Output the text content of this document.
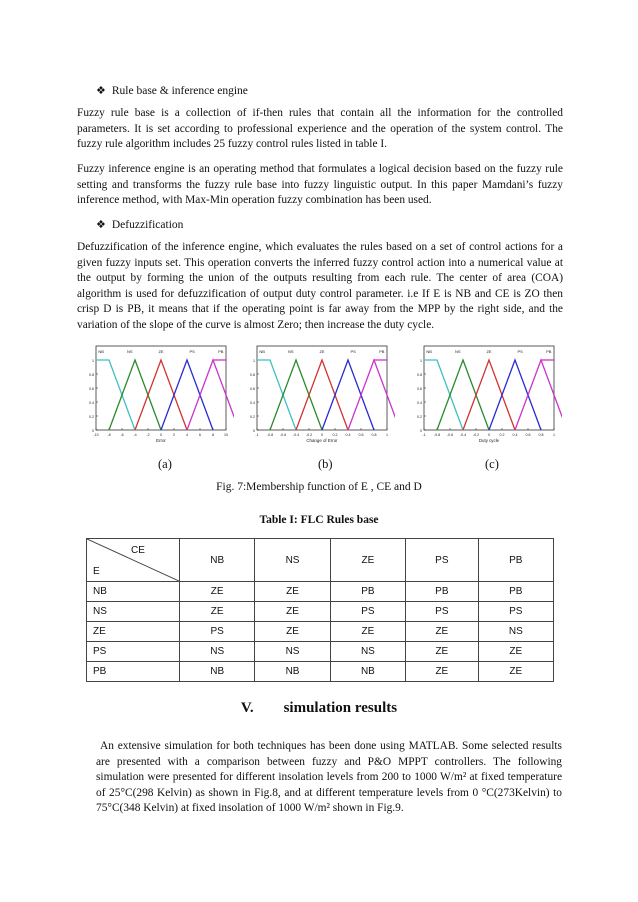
❖ Rule base & inference engine

Fuzzy rule base is a collection of if-then rules that contain all the information for the controlled parameters. It is set according to professional experience and the operation of the system control. The fuzzy rule algorithm includes 25 fuzzy control rules listed in table I.

Fuzzy inference engine is an operating method that formulates a logical decision based on the fuzzy rule setting and transforms the fuzzy rule base into fuzzy linguistic output. In this paper Mamdani’s fuzzy inference method, with Max-Min operation fuzzy combination has been used.

❖ Defuzzification

Defuzzification of the inference engine, which evaluates the rules based on a set of control actions for a given fuzzy inputs set. This operation converts the inferred fuzzy control action into a numerical value at the output by forming the union of the outputs resulting from each rule. The center of area (COA) algorithm is used for defuzzification of output duty control parameter. i.e If E is NB and CE is ZO then crisp D is PB, it means that if the operating point is far away from the MPP by the right side, and the variation of the slope of the curve is almost Zero; then increase the duty cycle.

0
0.2
0.4
0.6
0.8
1
-10 -8	-6	-4	-2	0	2	4	6	8	10
NB	NS	ZE	PS	PB
Error
0
0.2
0.4
0.6
0.8
1
-1 -0.8 -0.6 -0.4 -0.2 0	0.2 0.4 0.6 0.8	1
NB	NS	ZE	PS	PB
Change of Error
0
0.2
0.4
0.6
0.8
1
-1 -0.8 -0.6 -0.4 -0.2 0	0.2 0.4 0.6 0.8	1
NB	NS	ZE	PS	PB
Duty cycle
(a)	(b)	(c)
Fig. 7:Membership function of E , CE and D
Table I: FLC Rules base
CE
E	NB	NS	ZE	PS	PB
NB	ZE	ZE	PB	PB	PB
NS	ZE	ZE	PS	PS	PS
ZE	PS	ZE	ZE	ZE	NS
PS	NS	NS	NS	ZE	ZE
PB	NB	NB	NB	ZE	ZE
V. simulation results

An extensive simulation for both techniques has been done using MATLAB. Some selected results are presented with a comparison between fuzzy and P&O MPPT controllers. The following simulation were presented for different insolation levels from 200 to 1000 W/m² at fixed temperature of 25°C(298 Kelvin) as shown in Fig.8, and at different temperature levels from 0 °C(273Kelvin) to 75°C(348 Kelvin) at fixed insolation of 1000 W/m² shown in Fig.9.
